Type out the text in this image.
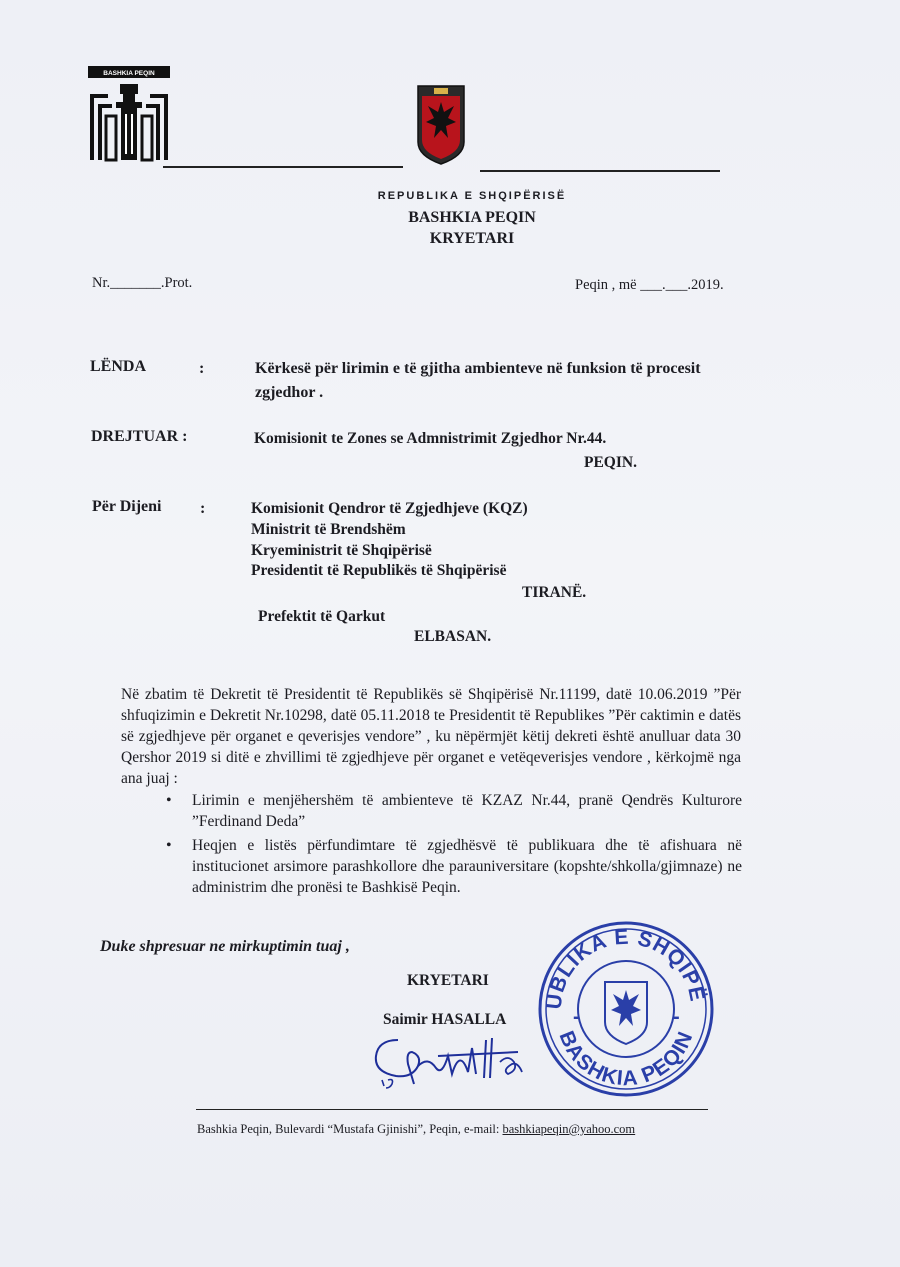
BASHKIA PEQIN
REPUBLIKA E SHQIPËRISË
BASHKIA PEQIN
KRYETARI
Nr._______.Prot.	Peqin , më ___.___.2019.
LËNDA	:	Kërkesë për lirimin e të gjitha ambienteve në funksion të procesit
zgjedhor .
DREJTUAR :	Komisionit te Zones se Admnistrimit Zgjedhor Nr.44.
PEQIN.
Për Dijeni :	Komisionit Qendror të Zgjedhjeve (KQZ)
Ministrit të Brendshëm
Kryeministrit të Shqipërisë
Presidentit të Republikës të Shqipërisë
TIRANË.
Prefektit të Qarkut
ELBASAN.
Në zbatim të Dekretit të Presidentit të Republikës së Shqipërisë Nr.11199, datë 10.06.2019 ”Për shfuqizimin e Dekretit Nr.10298, datë 05.11.2018 te Presidentit të Republikes ”Për caktimin e datës së zgjedhjeve për organet e qeverisjes vendore” , ku nëpërmjët këtij dekreti është anulluar data 30 Qershor 2019 si ditë e zhvillimi të zgjedhjeve për organet e vetëqeverisjes vendore , kërkojmë nga ana juaj :
• Lirimin e menjëhershëm të ambienteve të KZAZ Nr.44, pranë Qendrës Kulturore ”Ferdinand Deda”
• Heqjen e listës përfundimtare të zgjedhësvë të publikuara dhe të afishuara në institucionet arsimore parashkollore dhe parauniversitare (kopshte/shkolla/gjimnaze) ne administrim dhe pronësi te Bashkisë Peqin.
Duke shpresuar ne mirkuptimin tuaj ,
KRYETARI
Saimir HASALLA
UBLIKA E SHQIPË
BASHKIA PEQIN
-	-
Bashkia Peqin, Bulevardi “Mustafa Gjinishi”, Peqin, e-mail: bashkiapeqin@yahoo.com
